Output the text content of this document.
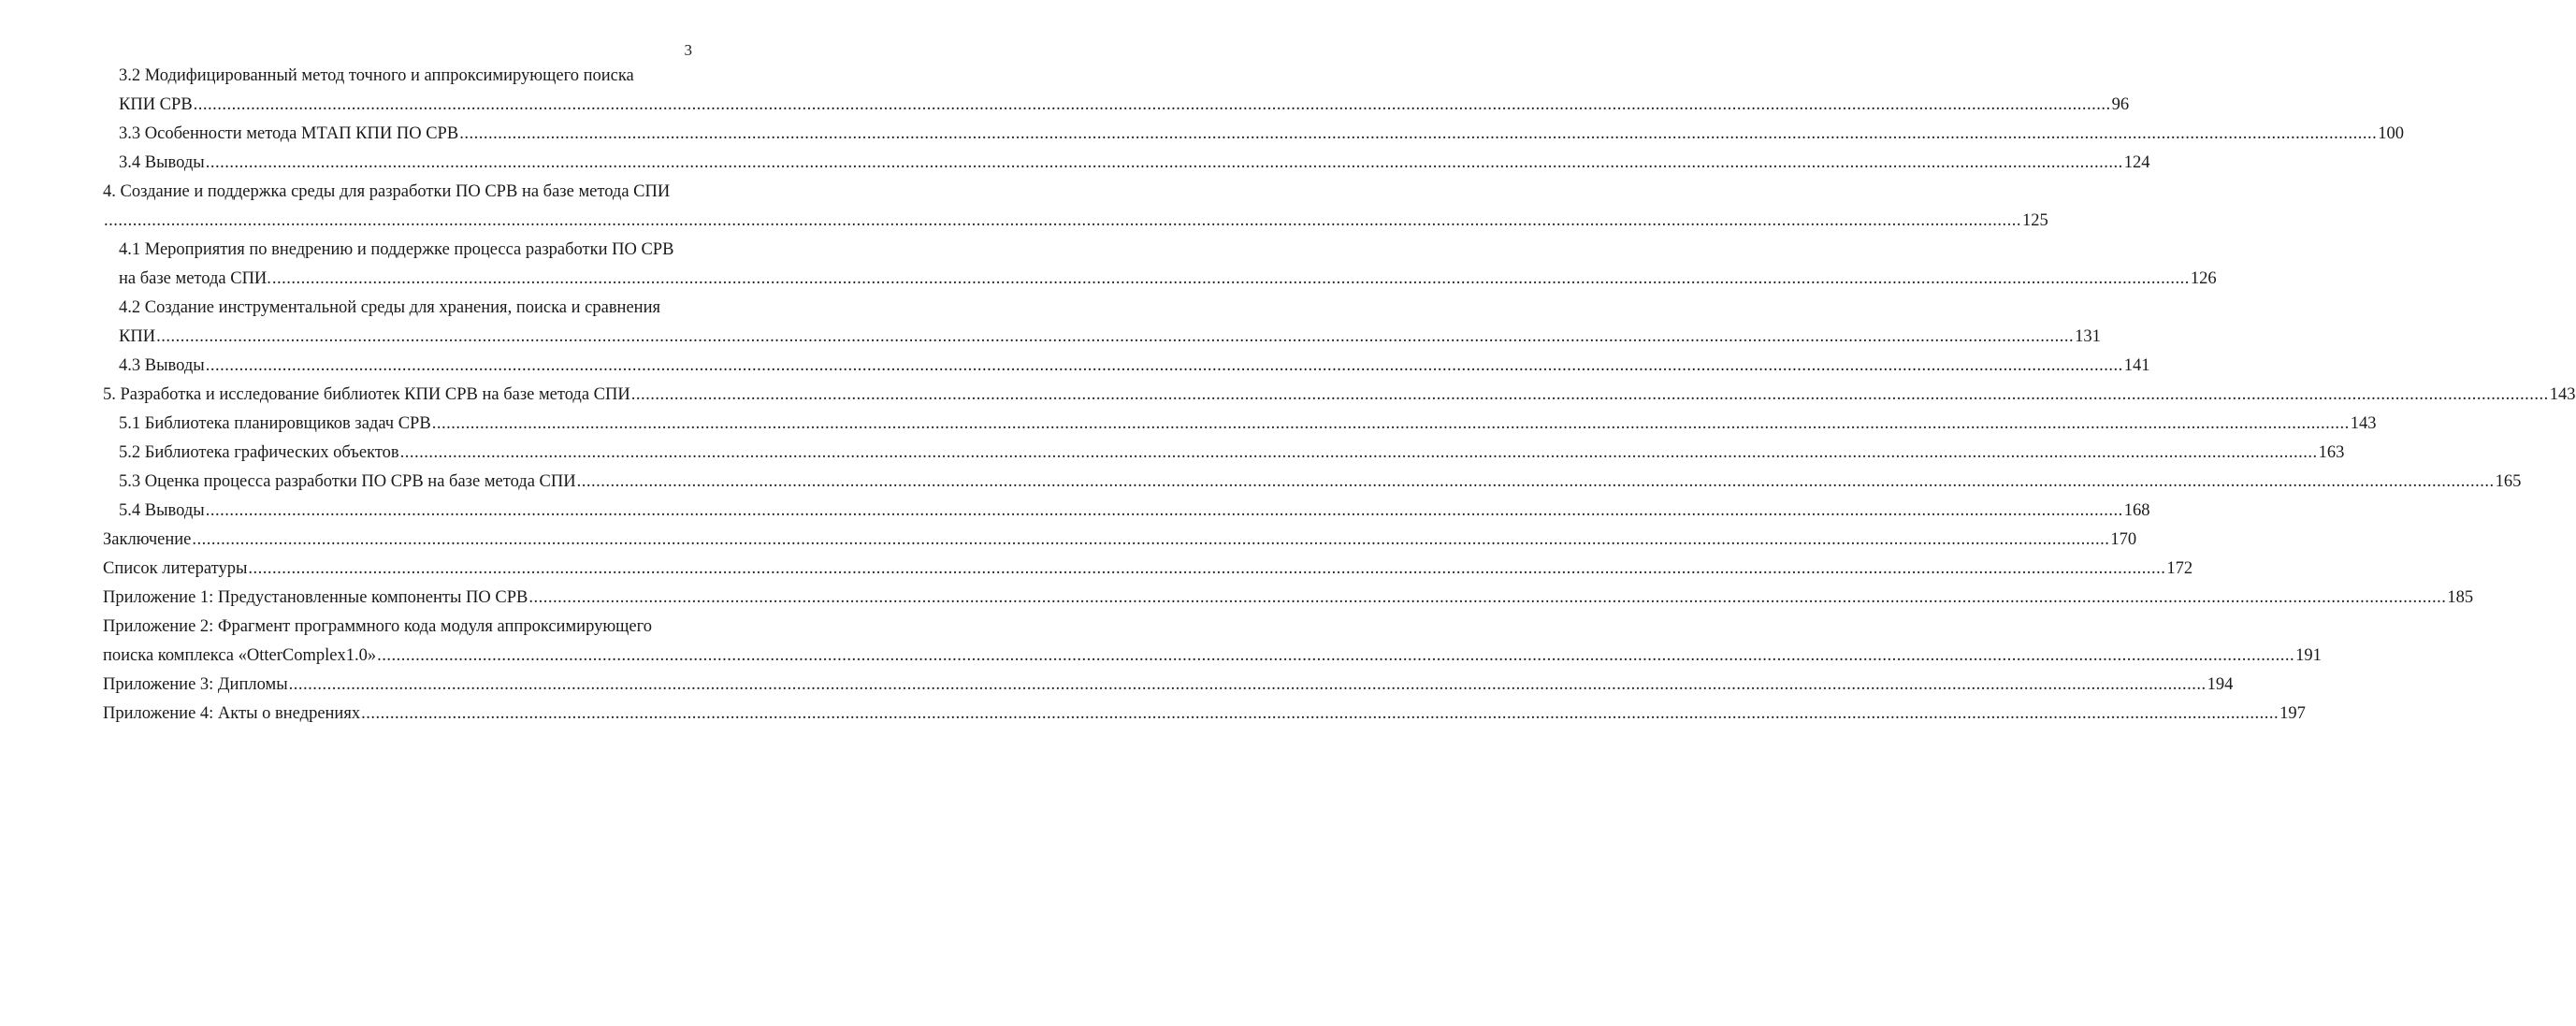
3
3.2 Модифицированный метод точного и аппроксимирующего поиска
КПИ СРВ ................................................................................................................................................................................................................................................................................................................................................................................................................ 96
3.3 Особенности метода МТАП КПИ ПО СРВ ................................................................................................................................................................................................................................................................................................................................................................................................................ 100
3.4 Выводы ................................................................................................................................................................................................................................................................................................................................................................................................................ 124
4. Создание и поддержка среды для разработки ПО СРВ на базе метода СПИ
................................................................................................................................................................................................................................................................................................................................................................................................................ 125
4.1 Мероприятия по внедрению и поддержке процесса разработки ПО СРВ
на базе метода СПИ. ................................................................................................................................................................................................................................................................................................................................................................................................................ 126
4.2 Создание инструментальной среды для хранения, поиска и сравнения
КПИ ................................................................................................................................................................................................................................................................................................................................................................................................................ 131
4.3 Выводы ................................................................................................................................................................................................................................................................................................................................................................................................................ 141
5. Разработка и исследование библиотек КПИ СРВ на базе метода СПИ ................................................................................................................................................................................................................................................................................................................................................................................................................ 143
5.1 Библиотека планировщиков задач СРВ ................................................................................................................................................................................................................................................................................................................................................................................................................ 143
5.2 Библиотека графических объектов ................................................................................................................................................................................................................................................................................................................................................................................................................ 163
5.3 Оценка процесса разработки ПО СРВ на базе метода СПИ ................................................................................................................................................................................................................................................................................................................................................................................................................ 165
5.4 Выводы ................................................................................................................................................................................................................................................................................................................................................................................................................ 168
Заключение ................................................................................................................................................................................................................................................................................................................................................................................................................ 170
Список литературы ................................................................................................................................................................................................................................................................................................................................................................................................................ 172
Приложение 1: Предустановленные компоненты ПО СРВ ................................................................................................................................................................................................................................................................................................................................................................................................................ 185
Приложение 2: Фрагмент программного кода модуля аппроксимирующего
поиска комплекса «OtterComplex1.0» ................................................................................................................................................................................................................................................................................................................................................................................................................ 191
Приложение 3: Дипломы ................................................................................................................................................................................................................................................................................................................................................................................................................ 194
Приложение 4: Акты о внедрениях ................................................................................................................................................................................................................................................................................................................................................................................................................ 197
